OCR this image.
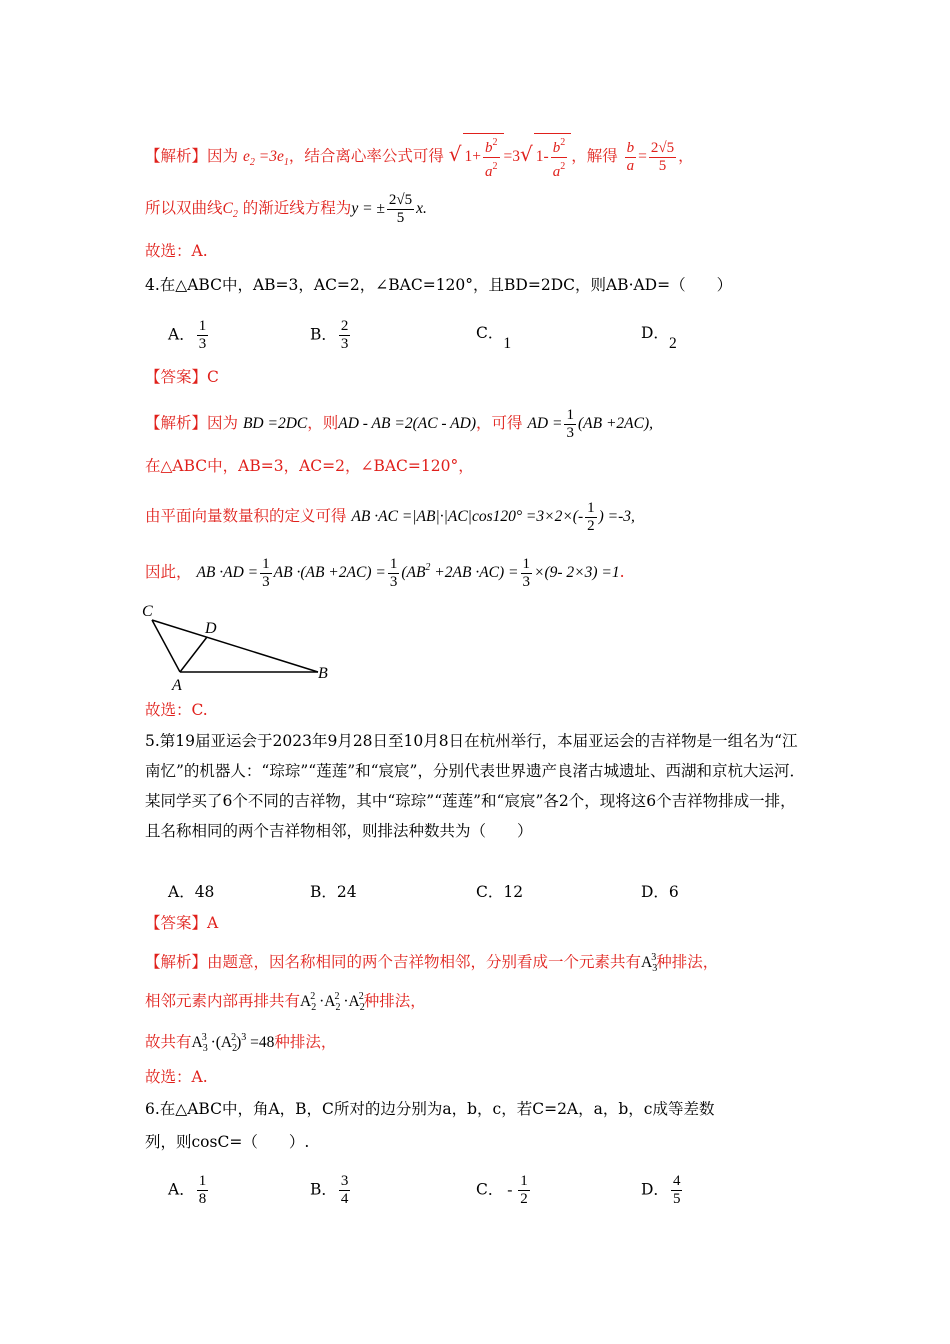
【解析】因为 $e_2 =3e_1$，结合离心率公式可得 √ $1+ \frac{b^2}{a^2} =3√$ $1- \frac{b^2}{a^2}$ ，解得 $\frac{b}{a} = \frac{2√5}{5}$ ，
所以双曲线$C_2$ 的渐近线方程为y = ± $\frac{2√5}{5} x$.
故选：A.
4.在△ABC中，AB=3，AC=2，∠BAC=120°，且BD=2DC，则AB·AD=（　　）
A． $\frac{1}{3}$	B． $\frac{2}{3}$	C．1
D．2
【答案】C
【解析】因为 BD =2DC，则AD - AB =2(AC - AD)，可得 AD = $\frac{1}{3} (AB +2AC)$,
在△ABC中，AB=3，AC=2，∠BAC=120°，
由平面向量数量积的定义可得 AB $\cdot AC =|AB|\cdot|AC|\cos 120^\circ =3\times 2\times(- \frac{1}{2}$ ) =-3,
因此， AB $\cdot AD = \frac{1}{3}$ AB $\cdot(AB +2AC) = \frac{1}{3} (AB^2 +2AB \cdot AC) = \frac{1}{3} \times(9-$ 2×3) =1.
C
D
A
B
故选：C.
5.第19届亚运会于2023年9月28日至10月8日在杭州举行，本届亚运会的吉祥物是一组名为“江南忆”的机器人：“琮琮”“莲莲”和“宸宸”，分别代表世界遗产良渚古城遗址、西湖和京杭大运河．某同学买了6个不同的吉祥物，其中“琮琮”“莲莲”和“宸宸”各2个，现将这6个吉祥物排成一排，且名称相同的两个吉祥物相邻，则排法种数共为（　　）
A．48	B．24	C．12	D．6
【答案】A
【解析】由题意，因名称相同的两个吉祥物相邻，分别看成一个元素共有$A_3^3$种排法，
相邻元素内部再排共有$A_2^2 \cdot A_2^2 \cdot A_2^2$种排法，
故共有$A_3^3 \cdot(A_2^2)^3 =48$种排法，
故选：A.
6.在△ABC中，角A，B，C所对的边分别为a，b，c，若C=2A，a，b，c成等差数
列，则cosC=（　　）.
A． $\frac{1}{8}$	B． $\frac{3}{4}$	C． - $\frac{1}{2}$	D． $\frac{4}{5}$
